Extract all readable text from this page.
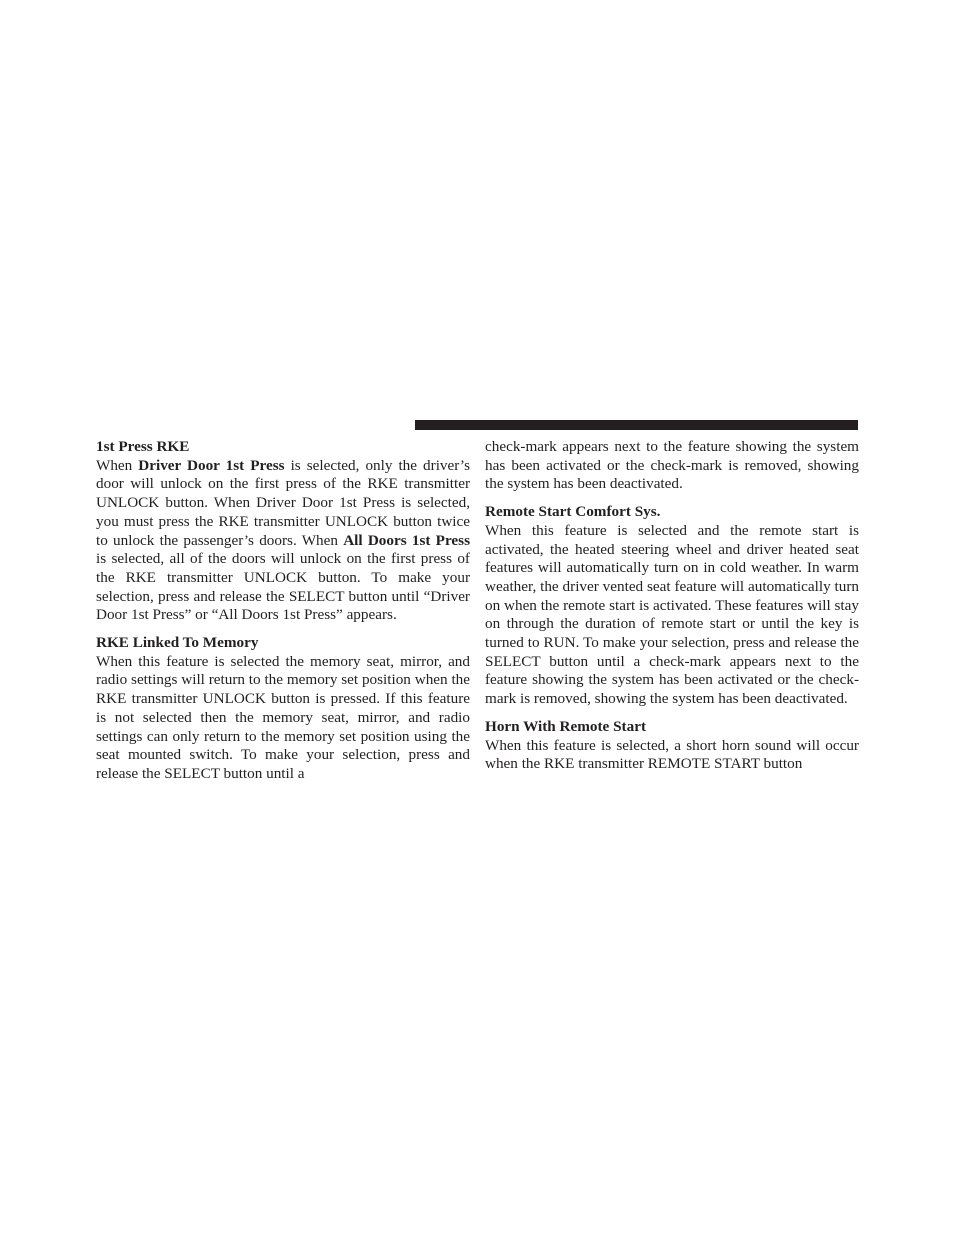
1st Press RKE

When Driver Door 1st Press is selected, only the driver’s door will unlock on the first press of the RKE transmitter UNLOCK button. When Driver Door 1st Press is selected, you must press the RKE transmitter UNLOCK button twice to unlock the passenger’s doors. When All Doors 1st Press is selected, all of the doors will unlock on the first press of the RKE transmitter UNLOCK button. To make your selection, press and release the SELECT button until “Driver Door 1st Press” or “All Doors 1st Press” appears.

RKE Linked To Memory

When this feature is selected the memory seat, mirror, and radio settings will return to the memory set position when the RKE transmitter UNLOCK button is pressed. If this feature is not selected then the memory seat, mirror, and radio settings can only return to the memory set position using the seat mounted switch. To make your selection, press and release the SELECT button until a

check-mark appears next to the feature showing the system has been activated or the check-mark is removed, showing the system has been deactivated.

Remote Start Comfort Sys.

When this feature is selected and the remote start is activated, the heated steering wheel and driver heated seat features will automatically turn on in cold weather. In warm weather, the driver vented seat feature will automatically turn on when the remote start is activated. These features will stay on through the duration of remote start or until the key is turned to RUN. To make your selection, press and release the SELECT button until a check-mark appears next to the feature showing the system has been activated or the check-mark is removed, showing the system has been deactivated.

Horn With Remote Start

When this feature is selected, a short horn sound will occur when the RKE transmitter REMOTE START button
